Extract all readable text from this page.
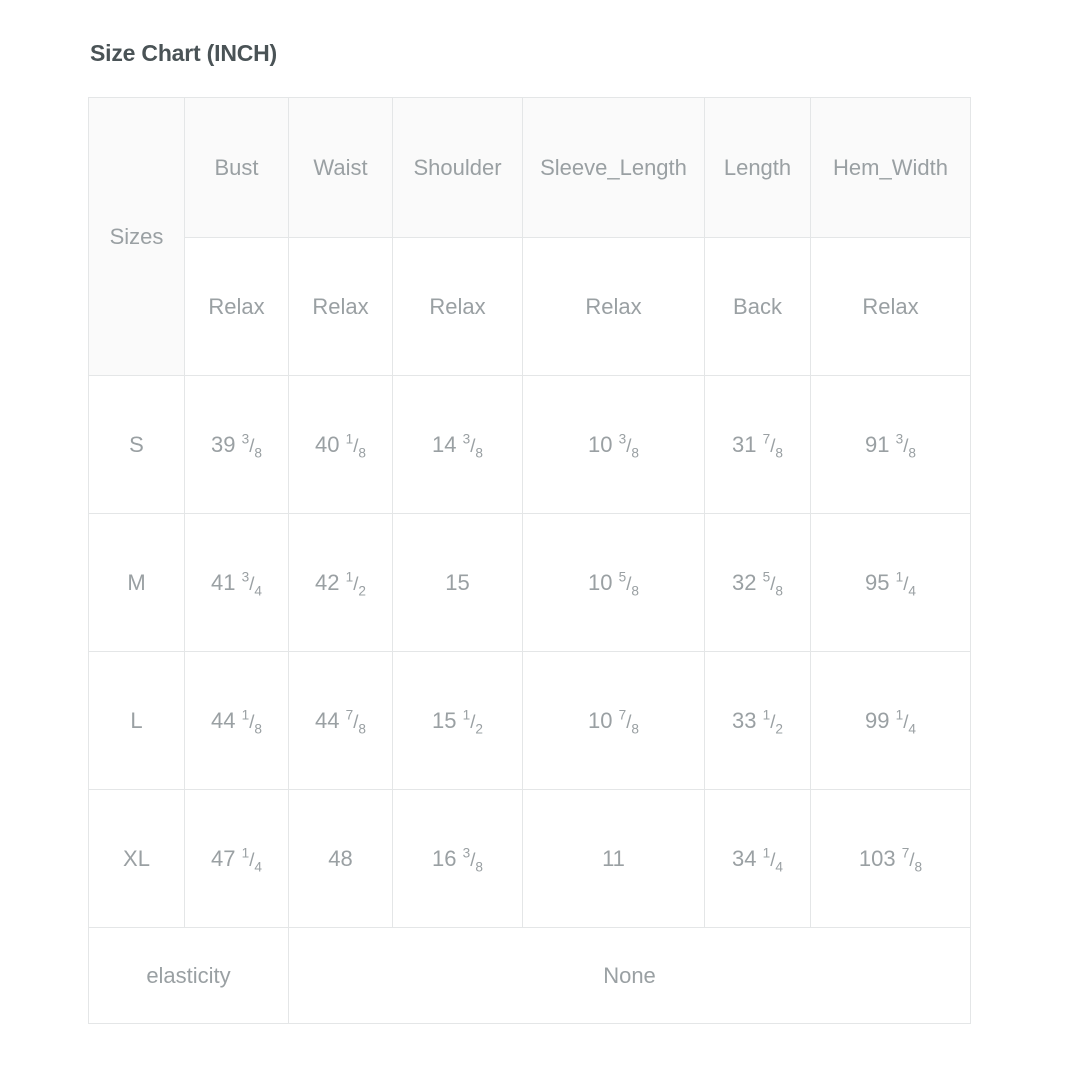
Size Chart (INCH)
Sizes	Bust	Waist	Shoulder	Sleeve_Length	Length	Hem_Width
	Relax	Relax	Relax	Relax	Back	Relax
S	39 $^3/_8$	40 $^1/_8$	14 $^3/_8$	10 $^3/_8$	31 $^7/_8$	91 $^3/_8$
M	41 $^3/_4$	42 $^1/_2$	15	10 $^5/_8$	32 $^5/_8$	95 $^1/_4$
L	44 $^1/_8$	44 $^7/_8$	15 $^1/_2$	10 $^7/_8$	33 $^1/_2$	99 $^1/_4$
XL	47 $^1/_4$	48	16 $^3/_8$	11	34 $^1/_4$	103 $^7/_8$
elasticity		None				
